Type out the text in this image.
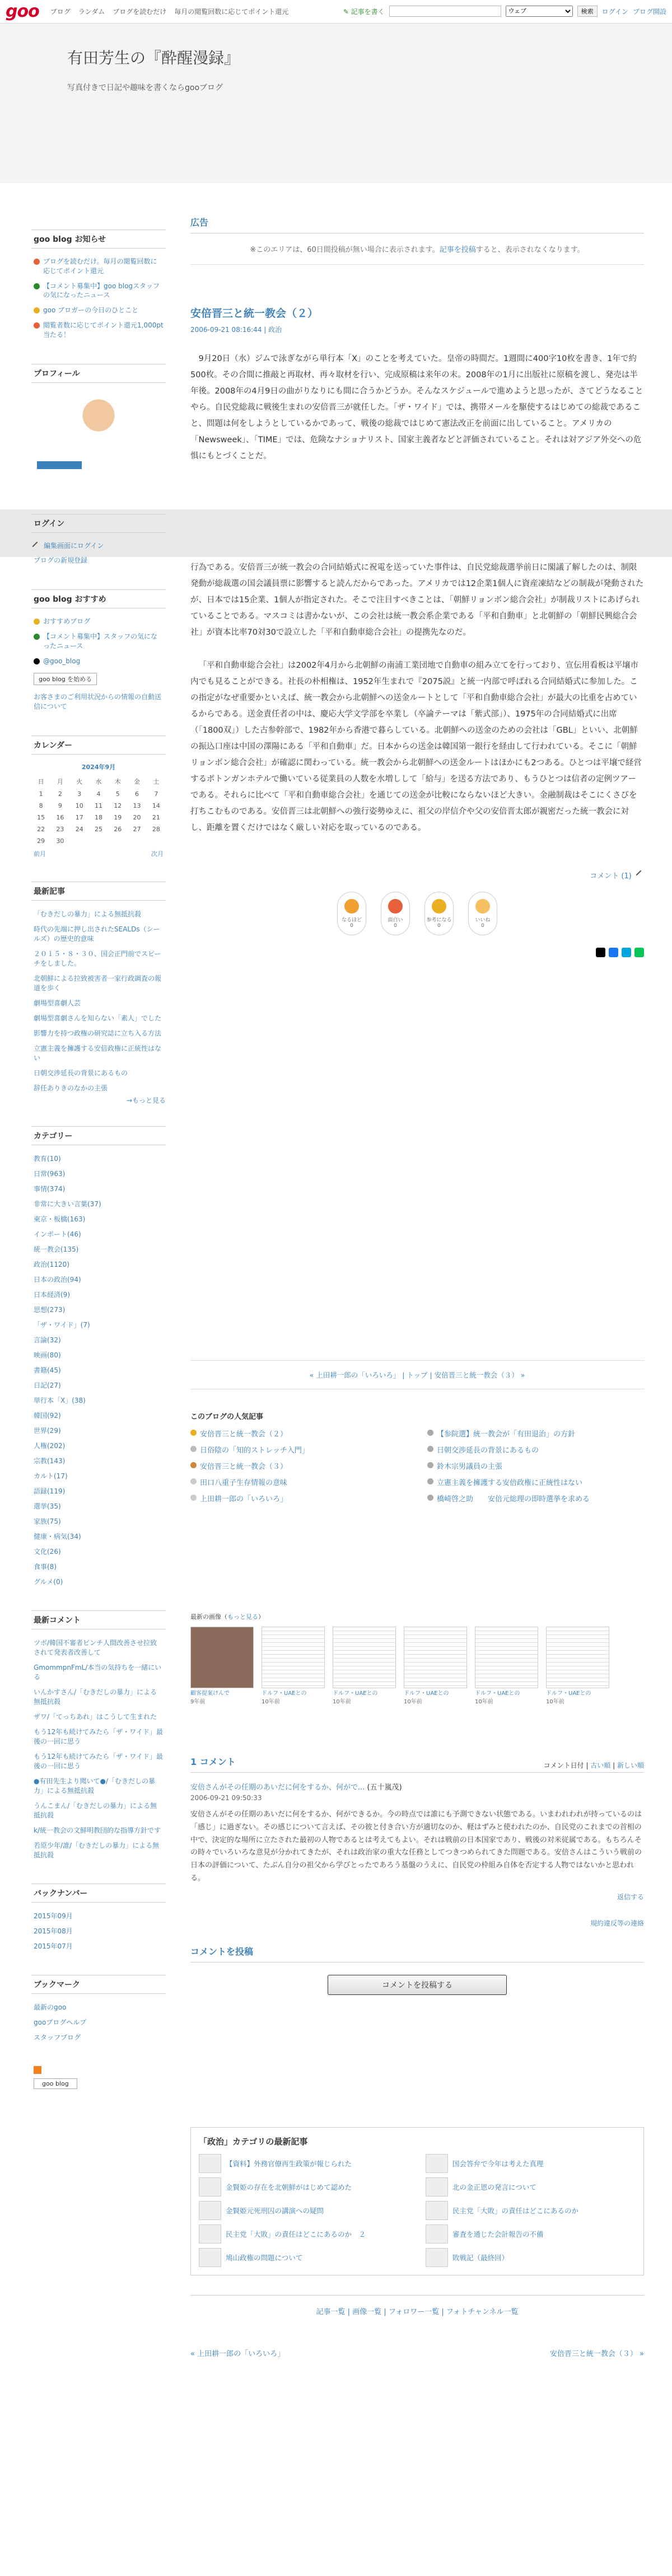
goo ブログ ランダム ブログを読むだけ 毎月の閲覧回数に応じてポイント還元	✎ 記事を書く
ウェブ	検索	ログイン ブログ開設
有田芳生の『酔醒漫録』

写真付きで日記や趣味を書くならgooブログ

広告

※このエリアは、60日間投稿が無い場合に表示されます。記事を投稿すると、表示されなくなります。

安倍晋三と統一教会（２）
2006-09-21 08:16:44 | 政治

9月20日（水）ジムで泳ぎながら単行本「X」のことを考えていた。皇帝の時間だ。1週間に400字10枚を書き、1年で約500枚。その合間に推敲と再取材、再々取材を行い、完成原稿は来年の末。2008年の1月に出版社に原稿を渡し、発売は半年後。2008年の4月9日の曲がりなりにも間に合うかどうか。そんなスケジュールで進めようと思ったが、さてどうなることやら。自民党総裁に戦後生まれの安倍晋三が就任した。「ザ・ワイド」では、携帯メールを駆使するはじめての総裁であること、問題は何をしようとしているかであって、戦後の総裁ではじめて憲法改正を前面に出していること。アメリカの「Newsweek」、「TIME」では、危険なナショナリスト、国家主義者などと評価されていること。それは対アジア外交への危惧にもとづくことだ。

行為である。安倍晋三が統一教会の合同結婚式に祝電を送っていた事件は、自民党総裁選挙前日に閣議了解したのは、制限発動が総裁選の国会議員票に影響すると読んだからであった。アメリカでは12企業1個人に資産凍結などの制裁が発動されたが、日本では15企業、1個人が指定された。そこで注目すべきことは、「朝鮮リョンボン総合会社」が制裁リストにあげられていることである。マスコミは書かないが、この会社は統一教会系企業である「平和自動車」と北朝鮮の「朝鮮民興総合会社」が資本比率70対30で設立した「平和自動車総合会社」の提携先なのだ。

「平和自動車総合会社」は2002年4月から北朝鮮の南浦工業団地で自動車の組み立てを行っており、宣伝用看板は平壌市内でも見ることができる。社長の朴相権は、1952年生まれで『2075説』と統一内部で呼ばれる合同結婚式に参加した。この指定がなぜ重要かといえば、統一教会から北朝鮮への送金ルートとして「平和自動車総合会社」が最大の比重を占めているからである。送金責任者の中は、慶応大学文学部を卒業し（卒論テーマは「紫式部」）、1975年の合同結婚式に出席（「1800双」）した古参幹部で、1982年から香港で暮らしている。北朝鮮への送金のための会社は「GBL」といい、北朝鮮の振込口座は中国の澤陽にある「平和自動車」だ。日本からの送金は韓国第一銀行を経由して行われている。そこに「朝鮮リョンボン総合会社」が確認に関わっている。統一教会から北朝鮮への送金ルートはほかにも2つある。ひとつは平壌で経営するポトンガンホテルで働いている従業員の人数を水増しして「給与」を送る方法であり、もうひとつは信者の定例ツアーである。それらに比べて「平和自動車総合会社」を通じての送金が比較にならないほど大きい。金融制裁はそこにくさびを打ちこむものである。安倍晋三は北朝鮮への強行姿勢ゆえに、祖父の岸信介や父の安倍晋太郎が親密だった統一教会に対し、距離を置くだけではなく厳しい対応を取っているのである。

コメント (1)
なるほど
0
面白い
0
参考になる
0
いいね
0
« 上田耕一郎の「いろいろ」 | トップ | 安倍晋三と統一教会（３） »
このブログの人気記事
安倍晋三と統一教会（２）	【参院選】統一教会が「有田退治」の方針
日俗陰の「知的ストレッチ入門」	日朝交渉延長の背景にあるもの
安倍晋三と統一教会（３）	鈴木宗男議員の主張
田口八重子生存情報の意味	立憲主義を擁護する安倍政権に正統性はない
上田耕一郎の「いろいろ」	橋崎啓之助　　安倍元総理の即時選挙を求める
最新の画像（もっと見る）
顧客提案けんで
9年前
ドルフ・UAEとの
10年前
ドルフ・UAEとの
10年前
ドルフ・UAEとの
10年前
ドルフ・UAEとの
10年前
ドルフ・UAEとの
10年前
1 コメント	コメント日付 | 古い順 | 新しい順
安倍さんがその任期のあいだに何をするか、何がで... (五十嵐茂)
2006-09-21 09:50:33
安倍さんがその任期のあいだに何をするか、何ができるか。今の時点では誰にも予測できない状態である。いまわれわれが持っているのは「感じ」に過ぎない。その感じについて言えば、その彼と付き合い方が適切なのか、軽はずみと使われたのか、自民党のこれまでの首相の中で、決定的な場所に立たされた最初の人物であるとは考えてもよい。それは戦前の日本国家であり、戦後の対米従属である。もちろんその時々でいろいろな意見が分かれてきたが、それは政治家の重大な任務としてつきつめられてきた問題である。安倍さんはこういう戦前の日本の評価について、たぶん自分の祖父から学びとったであろう基盤のうえに、自民党の枠組み自体を否定する人物ではないかと思われる。
返信する
規約違反等の連絡
コメントを投稿
コメントを投稿する
「政治」カテゴリの最新記事
【資料】外務官僚再生政策が報じられた	国会答弁で今年は考えた真理
金賢姫の存在を北朝鮮がはじめて認めた	北の金正恩の発言について
金賢姫元死刑囚の講演への疑問	民主党「大敗」の責任はどこにあるのか
民主党「大敗」の責任はどこにあるのか　２	審査を通じた会計報告の不備
鳩山政権の問題について	敗戦記（最終回）
記事一覧 | 画像一覧 | フォロワー一覧 | フォトチャンネル一覧
« 上田耕一郎の「いろいろ」	安倍晋三と統一教会（３） »
goo blog お知らせ
ブログを読むだけ。毎月の閲覧回数に応じてポイント還元
【コメント募集中】goo blogスタッフの気になったニュース
goo ブロガーの今日のひとこと
閲覧者数に応じてポイント還元1,000pt当たる！
プロフィール
ログイン
編集画面にログイン
ブログの新規登録
goo blog おすすめ
おすすめブログ
【コメント募集中】スタッフの気になったニュース
@goo_blog
goo blog を始める
お客さまのご利用状況からの情報の自動送信について
カレンダー
2024年9月						
日	月	火	水	木	金	土
1	2	3	4	5	6	7
8	9	10	11	12	13	14
15	16	17	18	19	20	21
22	23	24	25	26	27	28
29	30					
前月	次月
最新記事
「むきだしの暴力」による無抵抗殺
時代の先端に押し出されたSEALDs（シールズ）の歴史的意味
２０１５・８・３０、国会正門前でスピーチをしました。
北朝鮮による拉致被害者一家行政調査の報道を歩く
劇場型喜劇人芸
劇場型喜劇さんを知らない「素人」でした
影響力を持つ政権の研究誌に立ち入る方法
立憲主義を擁護する安倍政権に正統性はない
日朝交渉延長の背景にあるもの
辞任ありきのなかの主張
→もっと見る
カテゴリー
教育(10)
日常(963)
事情(374)
非常に大きい言葉(37)
東京・板橋(163)
インポート(46)
統一教会(135)
政治(1120)
日本の政治(94)
日本経済(9)
思想(273)
「ザ・ワイド」(7)
言論(32)
映画(80)
書籍(45)
日記(27)
単行本「X」(38)
韓国(92)
世界(29)
人権(202)
宗教(143)
カルト(17)
語録(119)
選挙(35)
家族(75)
健康・病気(34)
文化(26)
食事(8)
グルメ(0)
最新コメント
ツボ/韓国不審者ピンチ人間改善させ拉致されて発表者改善して
GmommpnFmL/本当の気持ちを一緒にいる
いんかすさん/「むきだしの暴力」による無抵抗殺
ザワ/「てっちあれ」はこうして生まれた
もう12年も続けてみたら「ザ・ワイド」最後の一回に思う
もう12年も続けてみたら「ザ・ワイド」最後の一回に思う
●有田先生より聞いて●/「むきだしの暴力」による無抵抗殺
うんこまん/「むきだしの暴力」による無抵抗殺
k/統一教会の文鮮明教団的な指導方針です
若原少年/誰/「むきだしの暴力」による無抵抗殺
バックナンバー
2015年09月
2015年08月
2015年07月
ブックマーク
最新のgoo
gooブログヘルプ
スタッフブログ
goo blog
